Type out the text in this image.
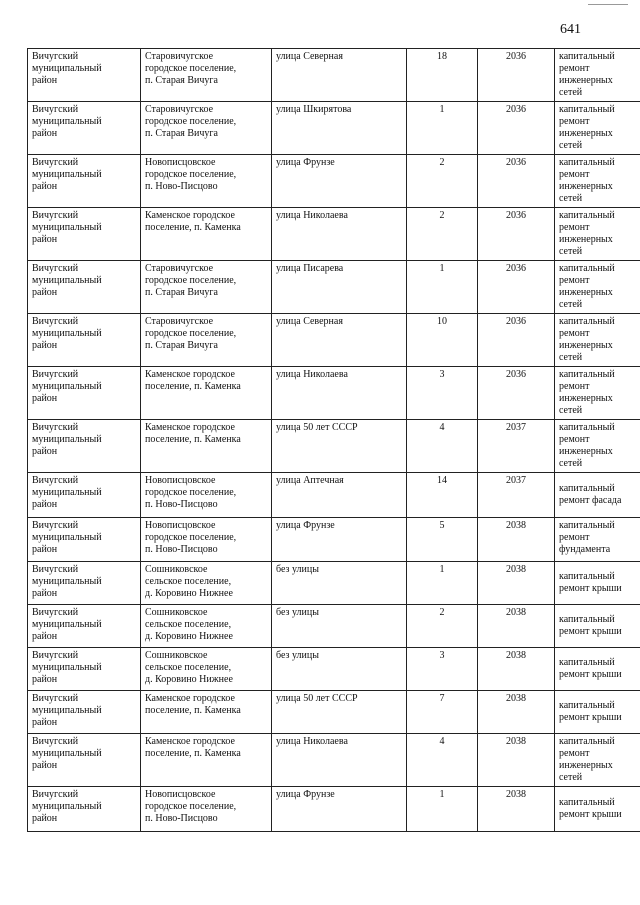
641
Вичугский
муниципальный
район	Старовичугское
городское поселение,
п. Старая Вичуга	улица Северная	18	2036	капитальный
ремонт
инженерных
сетей
Вичугский
муниципальный
район	Старовичугское
городское поселение,
п. Старая Вичуга	улица Шкирятова	1	2036	капитальный
ремонт
инженерных
сетей
Вичугский
муниципальный
район	Новописцовское
городское поселение,
п. Ново-Писцово	улица Фрунзе	2	2036	капитальный
ремонт
инженерных
сетей
Вичугский
муниципальный
район	Каменское городское
поселение, п. Каменка	улица Николаева	2	2036	капитальный
ремонт
инженерных
сетей
Вичугский
муниципальный
район	Старовичугское
городское поселение,
п. Старая Вичуга	улица Писарева	1	2036	капитальный
ремонт
инженерных
сетей
Вичугский
муниципальный
район	Старовичугское
городское поселение,
п. Старая Вичуга	улица Северная	10	2036	капитальный
ремонт
инженерных
сетей
Вичугский
муниципальный
район	Каменское городское
поселение, п. Каменка	улица Николаева	3	2036	капитальный
ремонт
инженерных
сетей
Вичугский
муниципальный
район	Каменское городское
поселение, п. Каменка	улица 50 лет СССР	4	2037	капитальный
ремонт
инженерных
сетей
Вичугский
муниципальный
район	Новописцовское
городское поселение,
п. Ново-Писцово	улица Аптечная	14	2037	капитальный
ремонт фасада
Вичугский
муниципальный
район	Новописцовское
городское поселение,
п. Ново-Писцово	улица Фрунзе	5	2038	капитальный
ремонт
фундамента
Вичугский
муниципальный
район	Сошниковское
сельское поселение,
д. Коровино Нижнее	без улицы	1	2038	капитальный
ремонт крыши
Вичугский
муниципальный
район	Сошниковское
сельское поселение,
д. Коровино Нижнее	без улицы	2	2038	капитальный
ремонт крыши
Вичугский
муниципальный
район	Сошниковское
сельское поселение,
д. Коровино Нижнее	без улицы	3	2038	капитальный
ремонт крыши
Вичугский
муниципальный
район	Каменское городское
поселение, п. Каменка	улица 50 лет СССР	7	2038	капитальный
ремонт крыши
Вичугский
муниципальный
район	Каменское городское
поселение, п. Каменка	улица Николаева	4	2038	капитальный
ремонт
инженерных
сетей
Вичугский
муниципальный
район	Новописцовское
городское поселение,
п. Ново-Писцово	улица Фрунзе	1	2038	капитальный
ремонт крыши
